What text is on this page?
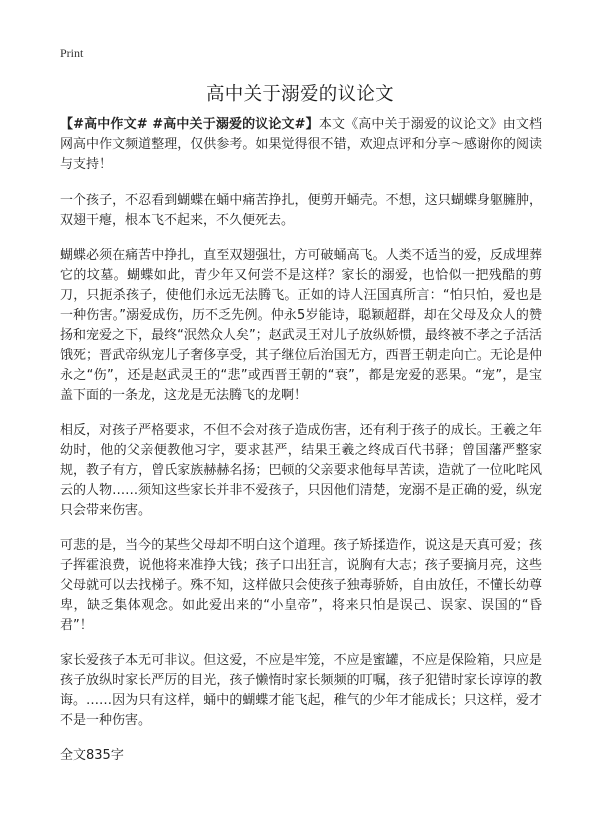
Print
高中关于溺爱的议论文

【#高中作文# #高中关于溺爱的议论文#】本文《高中关于溺爱的议论文》由文档网高中作文频道整理，仅供参考。如果觉得很不错，欢迎点评和分享～感谢你的阅读与支持！

一个孩子，不忍看到蝴蝶在蛹中痛苦挣扎，便剪开蛹壳。不想，这只蝴蝶身躯臃肿，双翅干瘪，根本飞不起来，不久便死去。

蝴蝶必须在痛苦中挣扎，直至双翅强壮，方可破蛹高飞。人类不适当的爱，反成埋葬它的坟墓。蝴蝶如此，青少年又何尝不是这样？家长的溺爱，也恰似一把残酷的剪刀，只扼杀孩子，使他们永远无法腾飞。正如的诗人汪国真所言：“怕只怕，爱也是一种伤害。”溺爱成伤，历不乏先例。仲永5岁能诗，聪颖超群，却在父母及众人的赞扬和宠爱之下，最终“泯然众人矣”；赵武灵王对儿子放纵娇惯，最终被不孝之子活活饿死；晋武帝纵宠儿子奢侈享受，其子继位后治国无方，西晋王朝走向亡。无论是仲永之“伤”，还是赵武灵王的“悲”或西晋王朝的“衰”，都是宠爱的恶果。“宠”，是宝盖下面的一条龙，这龙是无法腾飞的龙啊！

相反，对孩子严格要求，不但不会对孩子造成伤害，还有利于孩子的成长。王羲之年幼时，他的父亲便教他习字，要求甚严，结果王羲之终成百代书驿；曾国藩严整家规，教子有方，曾氏家族赫赫名扬；巴顿的父亲要求他每早苦读，造就了一位叱咤风云的人物……须知这些家长并非不爱孩子，只因他们清楚，宠溺不是正确的爱，纵宠只会带来伤害。

可悲的是，当今的某些父母却不明白这个道理。孩子矫揉造作，说这是天真可爱；孩子挥霍浪费，说他将来准挣大钱；孩子口出狂言，说胸有大志；孩子要摘月亮，这些父母就可以去找梯子。殊不知，这样做只会使孩子独毒骄娇，自由放任，不懂长幼尊卑，缺乏集体观念。如此爱出来的“小皇帝”，将来只怕是误己、误家、误国的“昏君”！

家长爱孩子本无可非议。但这爱，不应是牢笼，不应是蜜罐，不应是保险箱，只应是孩子放纵时家长严厉的目光，孩子懒惰时家长频频的叮嘱，孩子犯错时家长谆谆的教诲。……因为只有这样，蛹中的蝴蝶才能飞起，稚气的少年才能成长；只这样，爱才不是一种伤害。

全文835字
